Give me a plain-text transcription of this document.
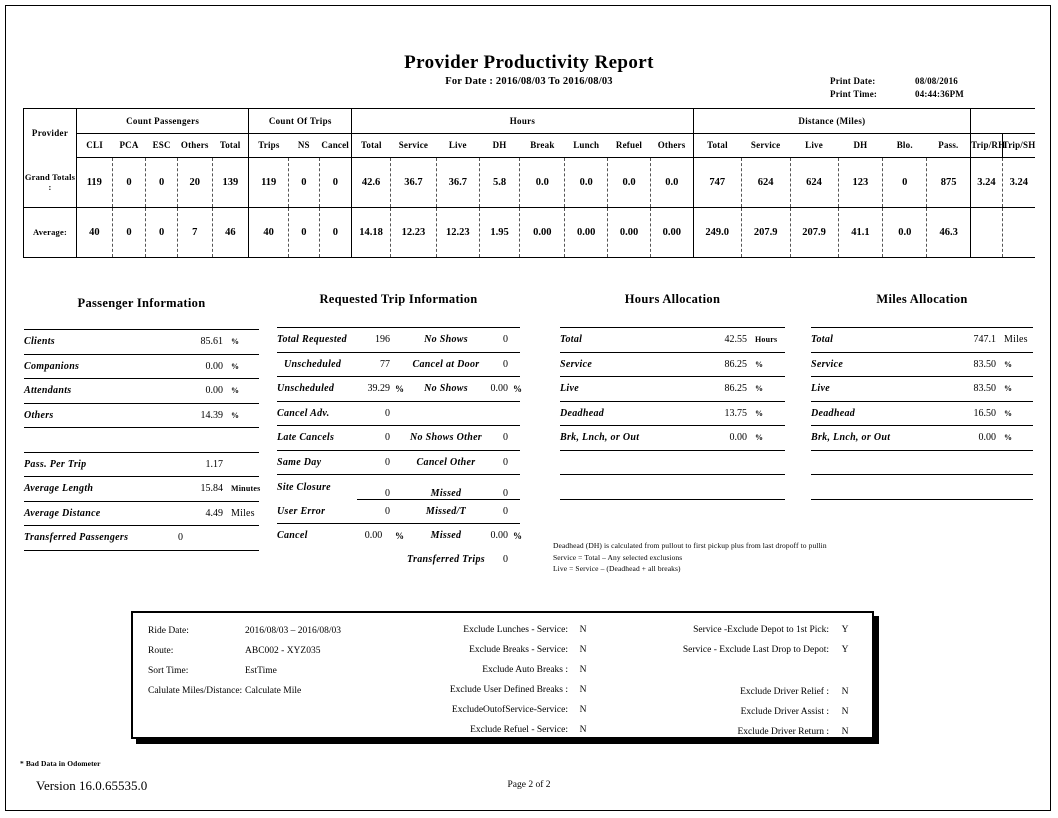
Provider Productivity Report
For Date : 2016/08/03 To 2016/08/03	Print Date:	08/08/2016
Print Time:	04:44:36PM
Provider	Count Passengers					Count Of Trips			Hours								Distance (Miles)							
	CLI	PCA	ESC	Others	Total	Trips	NS	Cancel	Total	Service	Live	DH	Break	Lunch	Refuel	Others	Total	Service	Live	DH	Blo.	Pass.	Trip/RH	Trip/SH
Grand Totals :	119	0	0	20	139	119	0	0	42.6	36.7	36.7	5.8	0.0	0.0	0.0	0.0	747	624	624	123	0	875	3.24	3.24
Average:	40	0	0	7	46	40	0	0	14.18	12.23	12.23	1.95	0.00	0.00	0.00	0.00	249.0	207.9	207.9	41.1	0.0	46.3		
Passenger Information
Clients	85.61	%
Companions	0.00	%
Attendants	0.00	%
Others	14.39	%

Pass. Per Trip	1.17	
Average Length	15.84	Minutes
Average Distance	4.49	Miles
Transferred Passengers	0	
Requested Trip Information
Total Requested	196		No Shows	0	
Unscheduled	77		Cancel at Door	0	
Unscheduled	39.29	%	No Shows	0.00	%
Cancel Adv.	0				
Late Cancels	0		No Shows Other	0	
Same Day	0		Cancel Other	0	
Site Closure	0		Missed	0	
User Error	0		Missed/T	0	
Cancel	0.00	%	Missed	0.00	%
			Transferred Trips	0	
Hours Allocation
Total	42.55	Hours
Service	86.25	%
Live	86.25	%
Deadhead	13.75	%
Brk, Lnch, or Out	0.00	%

Miles Allocation
Total	747.1	Miles
Service	83.50	%
Live	83.50	%
Deadhead	16.50	%
Brk, Lnch, or Out	0.00	%

Deadhead (DH) is calculated from pullout to first pickup plus from last dropoff to pullin
Service = Total – Any selected exclusions
Live = Service – (Deadhead + all breaks)
Ride Date:	2016/08/03 – 2016/08/03
Route:	ABC002 - XYZ035
Sort Time:	EstTime
Calulate Miles/Distance: Calculate Mile
Exclude Lunches - Service:	N
Exclude Breaks - Service:	N
Exclude Auto Breaks :	N
Exclude User Defined Breaks :	N
ExcludeOutofService-Service:	N
Exclude Refuel - Service:	N
Service -Exclude Depot to 1st Pick:	Y
Service - Exclude Last Drop to Depot:	Y
Exclude Driver Relief :	N
Exclude Driver Assist :	N
Exclude Driver Return :	N
* Bad Data in Odometer
Version 16.0.65535.0	Page 2 of 2
